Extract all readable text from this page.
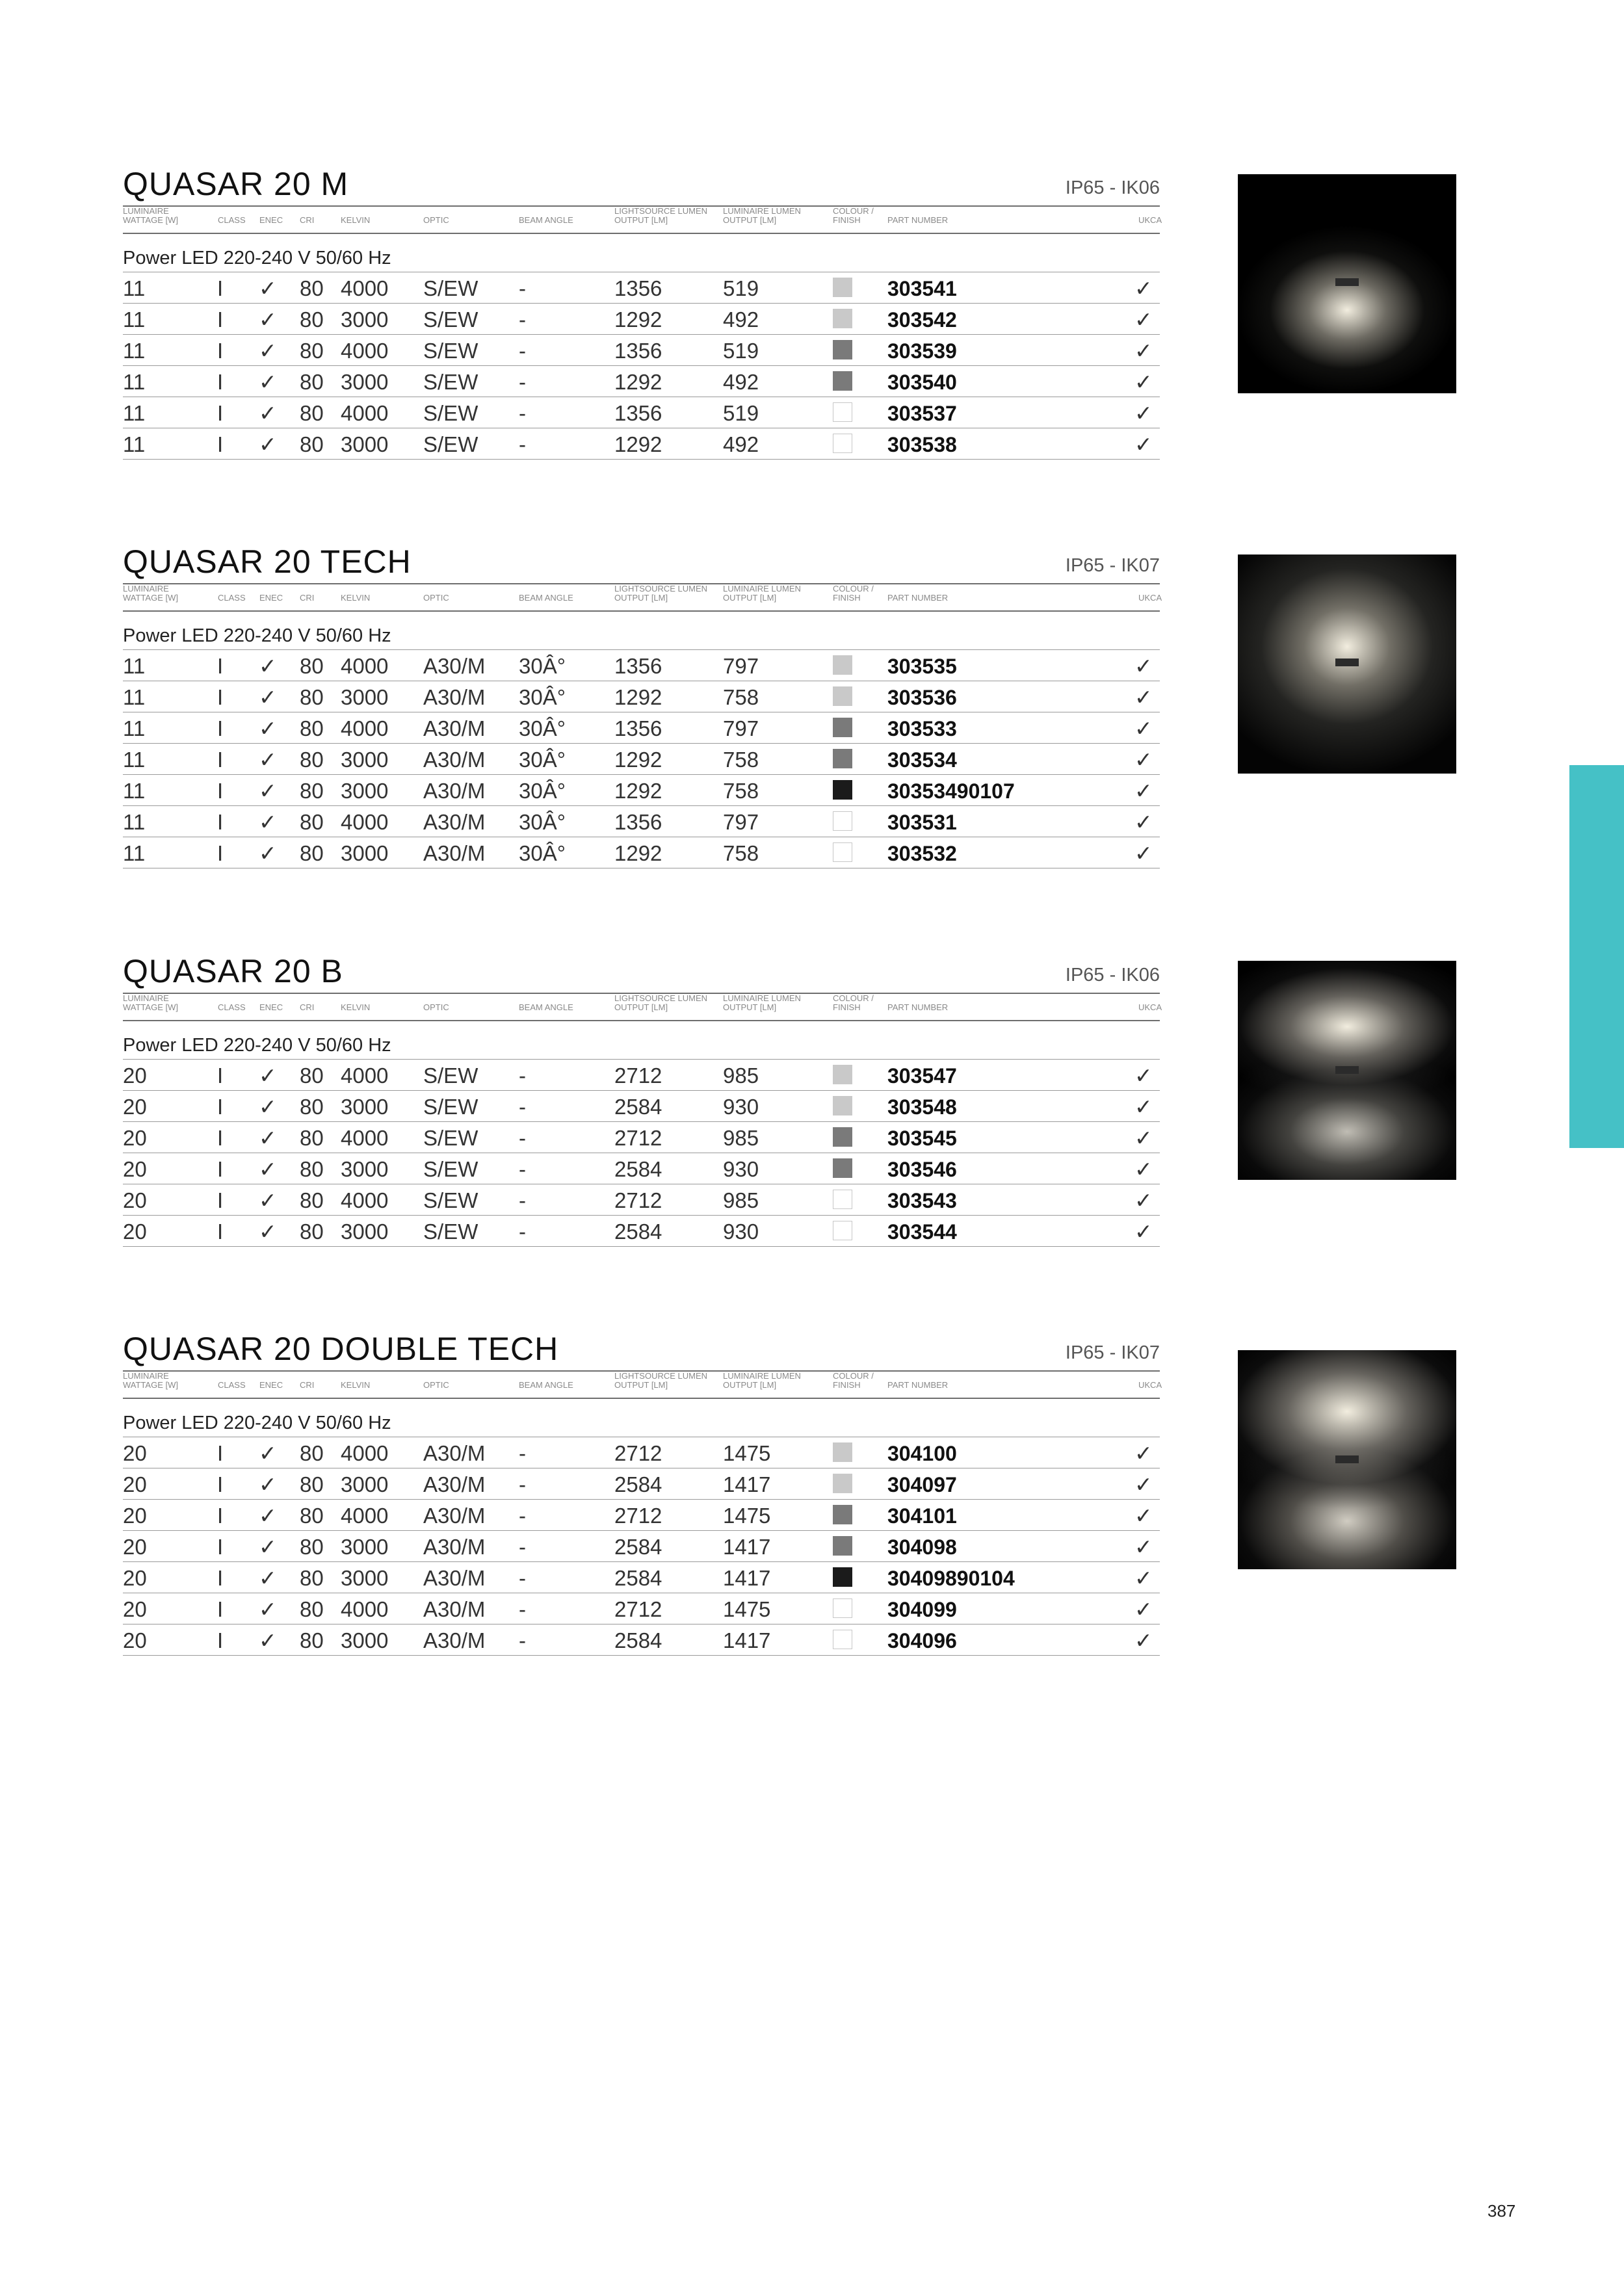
QUASAR 20 M	IP65 - IK06
LUMINAIRE
WATTAGE [W]	CLASS ENEC CRI	KELVIN	OPTIC	BEAM ANGLE
LIGHTSOURCE LUMEN
OUTPUT [LM]
LUMINAIRE LUMEN
OUTPUT [LM]
COLOUR /
FINISH	PART NUMBER	UKCA
Power LED 220-240 V 50/60 Hz
11	I ✓ 80 4000 S/EW -	1356	519	303541	✓
11	I ✓ 80 3000 S/EW -	1292	492	303542	✓
11	I ✓ 80 4000 S/EW -	1356	519	303539	✓
11	I ✓ 80 3000 S/EW -	1292	492	303540	✓
11	I ✓ 80 4000 S/EW -	1356	519	303537	✓
11	I ✓ 80 3000 S/EW -	1292	492	303538	✓
QUASAR 20 TECH	IP65 - IK07
LUMINAIRE
WATTAGE [W]	CLASS ENEC CRI	KELVIN	OPTIC	BEAM ANGLE
LIGHTSOURCE LUMEN
OUTPUT [LM]
LUMINAIRE LUMEN
OUTPUT [LM]
COLOUR /
FINISH	PART NUMBER	UKCA
Power LED 220-240 V 50/60 Hz
11	I ✓ 80 4000 A30/M 30Â° 1356	797	303535	✓
11	I ✓ 80 3000 A30/M 30Â° 1292	758	303536	✓
11	I ✓ 80 4000 A30/M 30Â° 1356	797	303533	✓
11	I ✓ 80 3000 A30/M 30Â° 1292	758	303534	✓
11	I ✓ 80 3000 A30/M 30Â° 1292	758	30353490107	✓
11	I ✓ 80 4000 A30/M 30Â° 1356	797	303531	✓
11	I ✓ 80 3000 A30/M 30Â° 1292	758	303532	✓
QUASAR 20 B	IP65 - IK06
LUMINAIRE
WATTAGE [W]	CLASS ENEC CRI	KELVIN	OPTIC	BEAM ANGLE
LIGHTSOURCE LUMEN
OUTPUT [LM]
LUMINAIRE LUMEN
OUTPUT [LM]
COLOUR /
FINISH	PART NUMBER	UKCA
Power LED 220-240 V 50/60 Hz
20	I ✓ 80 4000 S/EW -	2712	985	303547	✓
20	I ✓ 80 3000 S/EW -	2584	930	303548	✓
20	I ✓ 80 4000 S/EW -	2712	985	303545	✓
20	I ✓ 80 3000 S/EW -	2584	930	303546	✓
20	I ✓ 80 4000 S/EW -	2712	985	303543	✓
20	I ✓ 80 3000 S/EW -	2584	930	303544	✓
QUASAR 20 DOUBLE TECH	IP65 - IK07
LUMINAIRE
WATTAGE [W]	CLASS ENEC CRI	KELVIN	OPTIC	BEAM ANGLE
LIGHTSOURCE LUMEN
OUTPUT [LM]
LUMINAIRE LUMEN
OUTPUT [LM]
COLOUR /
FINISH	PART NUMBER	UKCA
Power LED 220-240 V 50/60 Hz
20	I ✓ 80 4000 A30/M -	2712	1475	304100	✓
20	I ✓ 80 3000 A30/M -	2584	1417	304097	✓
20	I ✓ 80 4000 A30/M -	2712	1475	304101	✓
20	I ✓ 80 3000 A30/M -	2584	1417	304098	✓
20	I ✓ 80 3000 A30/M -	2584	1417	30409890104	✓
20	I ✓ 80 4000 A30/M -	2712	1475	304099	✓
20	I ✓ 80 3000 A30/M -	2584	1417	304096	✓
387
